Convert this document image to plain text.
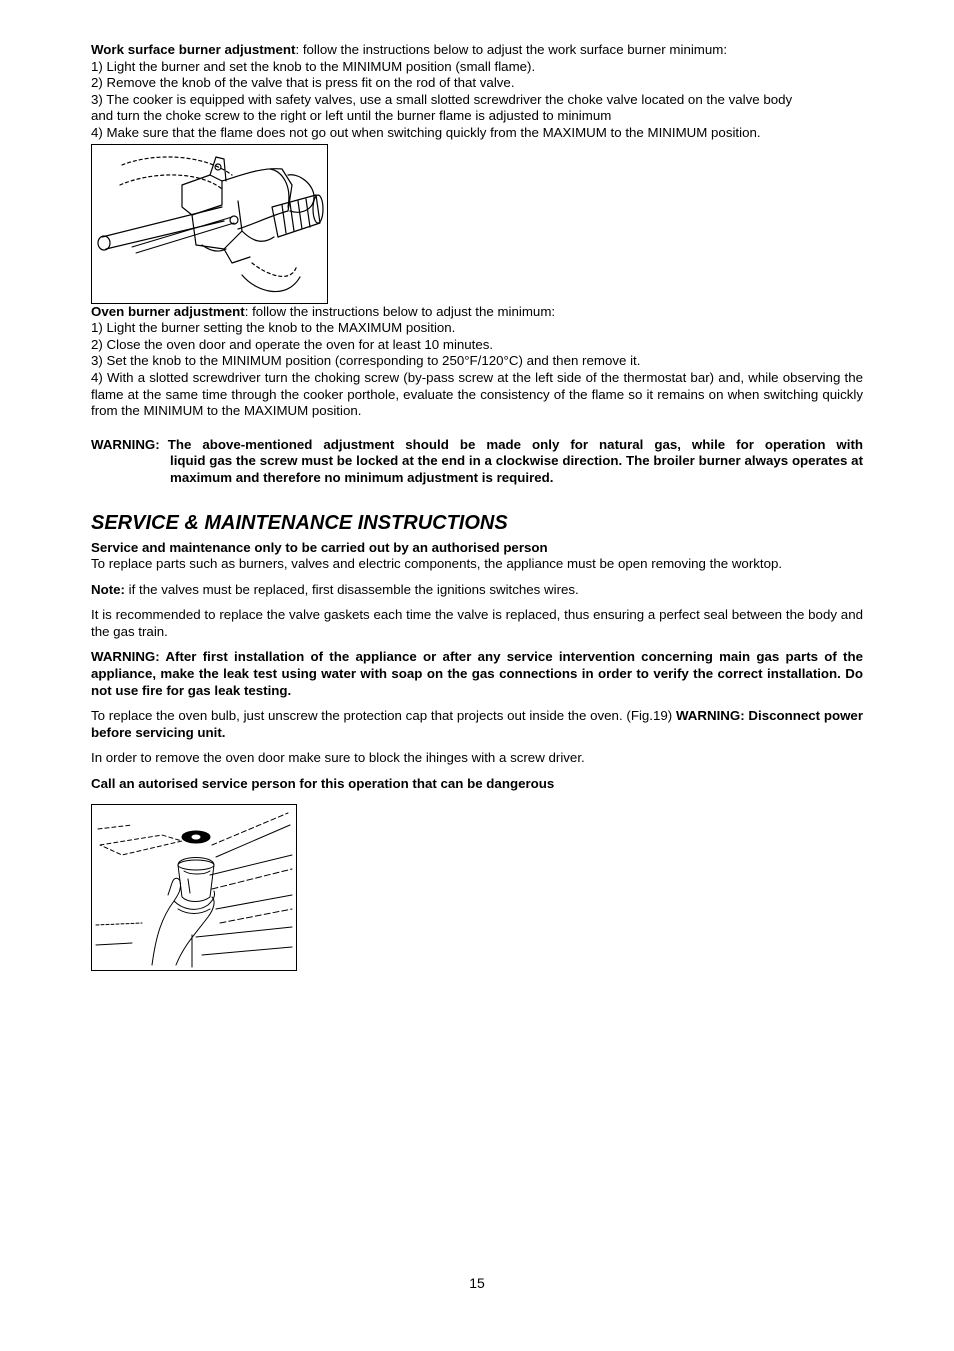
Work surface burner adjustment: follow the instructions below to adjust the work surface burner minimum:
1) Light the burner and set the knob to the MINIMUM position (small flame).
2) Remove the knob of the valve that is press fit on the rod of that valve.
3) The cooker is equipped with safety valves, use a small slotted screwdriver the choke valve located on the valve body
and turn the choke screw to the right or left until the burner flame is adjusted to minimum
4) Make sure that the flame does not go out when switching quickly from the MAXIMUM to the MINIMUM position.
Oven burner adjustment: follow the instructions below to adjust the minimum:
1) Light the burner setting the knob to the MAXIMUM position.
2) Close the oven door and operate the oven for at least 10 minutes.
3) Set the knob to the MINIMUM position (corresponding to 250°F/120°C) and then remove it.
4) With a slotted screwdriver turn the choking screw (by-pass screw at the left side of the thermostat bar) and, while observing the flame at the same time through the cooker porthole, evaluate the consistency of the flame so it remains on when switching quickly from the MINIMUM to the MAXIMUM position.
WARNING: The above-mentioned adjustment should be made only for natural gas, while for operation with
liquid gas the screw must be locked at the end in a clockwise direction. The broiler burner always operates at maximum and therefore no minimum adjustment is required.
SERVICE & MAINTENANCE INSTRUCTIONS
Service and maintenance only to be carried out by an authorised person
To replace parts such as burners, valves and electric components, the appliance must be open removing the worktop.
Note: if the valves must be replaced, first disassemble the ignitions switches wires.
It is recommended to replace the valve gaskets each time the valve is replaced, thus ensuring a perfect seal between the body and the gas train.
WARNING: After first installation of the appliance or after any service intervention concerning main gas parts of the appliance, make the leak test using water with soap on the gas connections in order to verify the correct installation. Do not use fire for gas leak testing.
To replace the oven bulb, just unscrew the protection cap that projects out inside the oven. (Fig.19) WARNING: Disconnect power before servicing unit.
In order to remove the oven door make sure to block the ihinges with a screw driver.
Call an autorised service person for this operation that can be dangerous
15
